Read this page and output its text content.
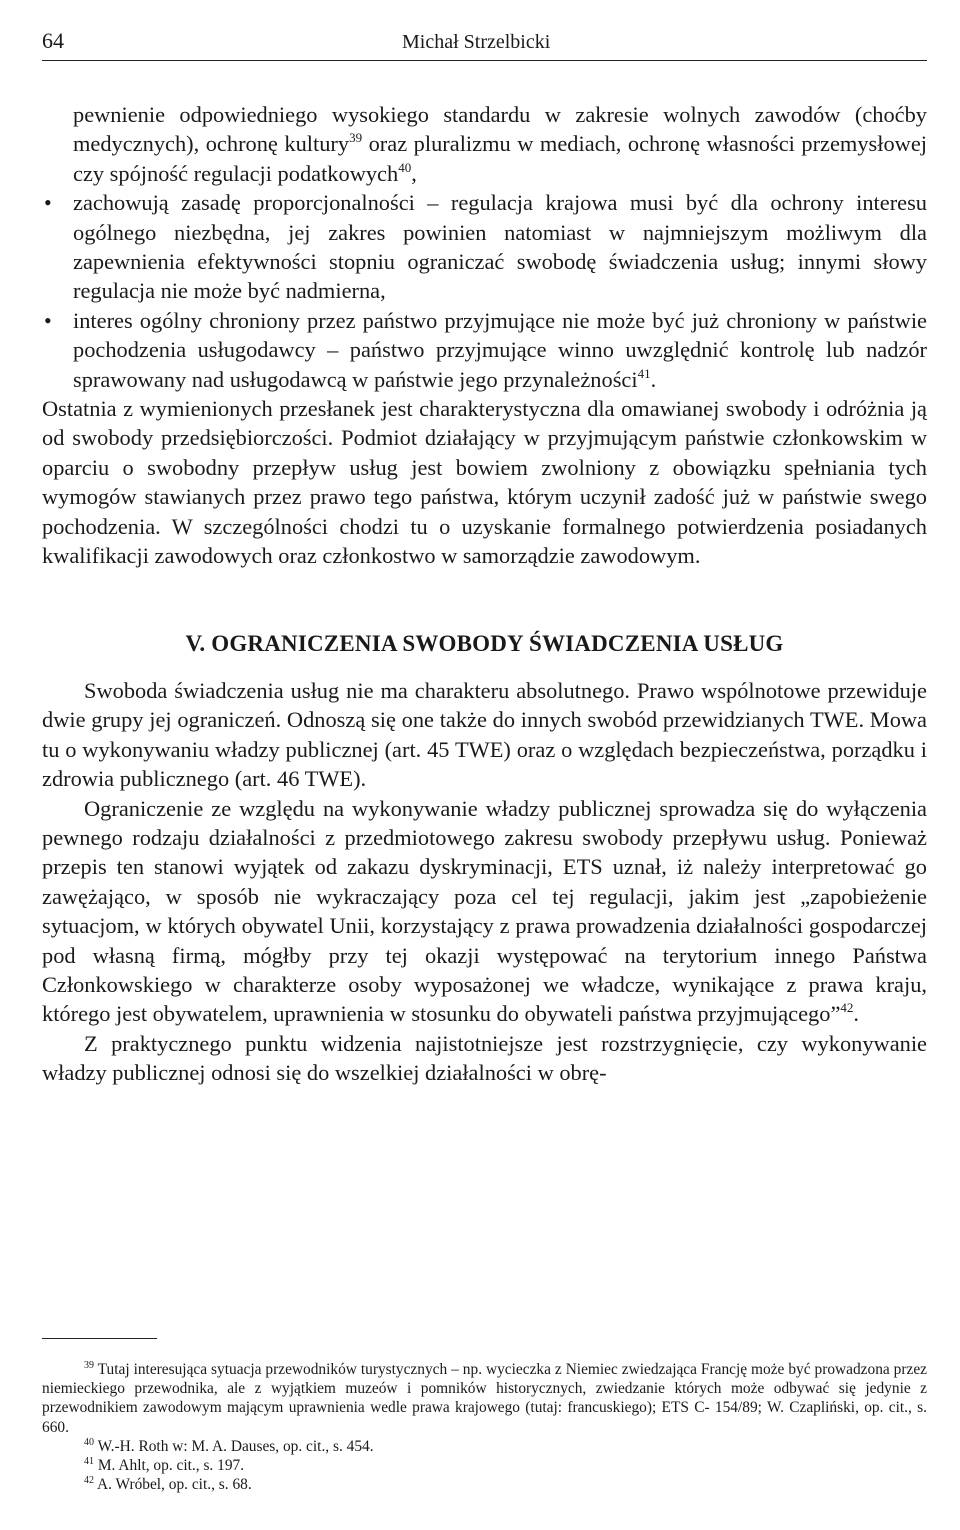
64	Michał Strzelbicki

pewnienie odpowiedniego wysokiego standardu w zakresie wolnych zawodów (choćby medycznych), ochronę kultury$^{39}$ oraz pluralizmu w mediach, ochronę własności przemysłowej czy spójność regulacji podatkowych$^{40}$,

• zachowują zasadę proporcjonalności – regulacja krajowa musi być dla ochrony interesu ogólnego niezbędna, jej zakres powinien natomiast w najmniejszym możliwym dla zapewnienia efektywności stopniu ograniczać swobodę świadczenia usług; innymi słowy regulacja nie może być nadmierna,
• interes ogólny chroniony przez państwo przyjmujące nie może być już chroniony w państwie pochodzenia usługodawcy – państwo przyjmujące winno uwzględnić kontrolę lub nadzór sprawowany nad usługodawcą w państwie jego przynależności$^{41}$.

Ostatnia z wymienionych przesłanek jest charakterystyczna dla omawianej swobody i odróżnia ją od swobody przedsiębiorczości. Podmiot działający w przyjmującym państwie członkowskim w oparciu o swobodny przepływ usług jest bowiem zwolniony z obowiązku spełniania tych wymogów stawianych przez prawo tego państwa, którym uczynił zadość już w państwie swego pochodzenia. W szczególności chodzi tu o uzyskanie formalnego potwierdzenia posiadanych kwalifikacji zawodowych oraz członkostwo w samorządzie zawodowym.

V. OGRANICZENIA SWOBODY ŚWIADCZENIA USŁUG

Swoboda świadczenia usług nie ma charakteru absolutnego. Prawo wspólnotowe przewiduje dwie grupy jej ograniczeń. Odnoszą się one także do innych swobód przewidzianych TWE. Mowa tu o wykonywaniu władzy publicznej (art. 45 TWE) oraz o względach bezpieczeństwa, porządku i zdrowia publicznego (art. 46 TWE).

Ograniczenie ze względu na wykonywanie władzy publicznej sprowadza się do wyłączenia pewnego rodzaju działalności z przedmiotowego zakresu swobody przepływu usług. Ponieważ przepis ten stanowi wyjątek od zakazu dyskryminacji, ETS uznał, iż należy interpretować go zawężająco, w sposób nie wykraczający poza cel tej regulacji, jakim jest „zapobieżenie sytuacjom, w których obywatel Unii, korzystający z prawa prowadzenia działalności gospodarczej pod własną firmą, mógłby przy tej okazji występować na terytorium innego Państwa Członkowskiego w charakterze osoby wyposażonej we władcze, wynikające z prawa kraju, którego jest obywatelem, uprawnienia w stosunku do obywateli państwa przyjmującego”$^{42}$.

Z praktycznego punktu widzenia najistotniejsze jest rozstrzygnięcie, czy wykonywanie władzy publicznej odnosi się do wszelkiej działalności w obrę-

$^{39}$ Tutaj interesująca sytuacja przewodników turystycznych – np. wycieczka z Niemiec zwiedzająca Francję może być prowadzona przez niemieckiego przewodnika, ale z wyjątkiem muzeów i pomników historycznych, zwiedzanie których może odbywać się jedynie z przewodnikiem zawodowym mającym uprawnienia wedle prawa krajowego (tutaj: francuskiego); ETS C- 154/89; W. Czapliński, op. cit., s. 660.

$^{40}$ W.-H. Roth w: M. A. Dauses, op. cit., s. 454.

$^{41}$ M. Ahlt, op. cit., s. 197.

$^{42}$ A. Wróbel, op. cit., s. 68.
